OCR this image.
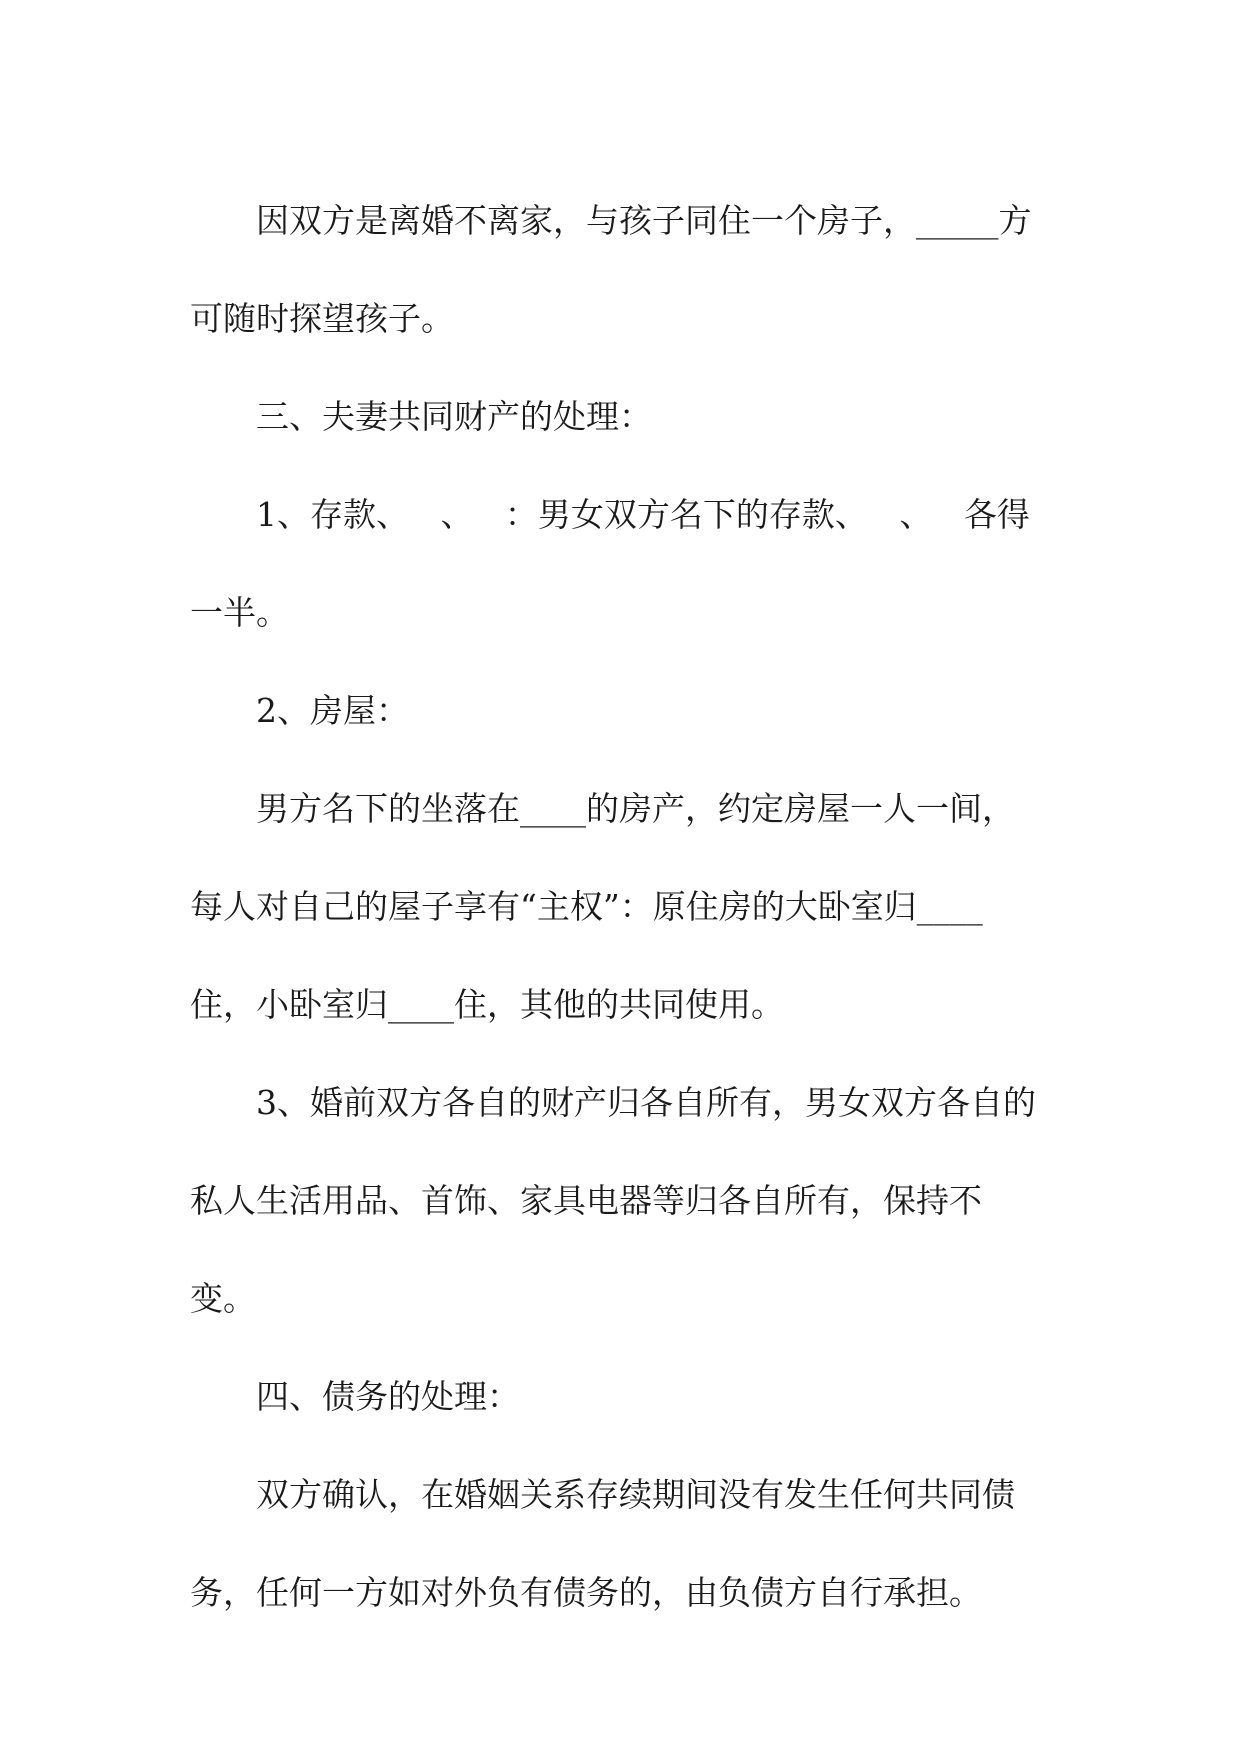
因双方是离婚不离家，与孩子同住一个房子，_____方
可随时探望孩子。
三、夫妻共同财产的处理：
1、存款、   、   ：男女双方名下的存款、   、   各得
一半。
2、房屋：
男方名下的坐落在____的房产，约定房屋一人一间，
每人对自己的屋子享有“主权”：原住房的大卧室归____
住，小卧室归____住，其他的共同使用。
3、婚前双方各自的财产归各自所有，男女双方各自的
私人生活用品、首饰、家具电器等归各自所有，保持不
变。
四、债务的处理：
双方确认，在婚姻关系存续期间没有发生任何共同债
务，任何一方如对外负有债务的，由负债方自行承担。
